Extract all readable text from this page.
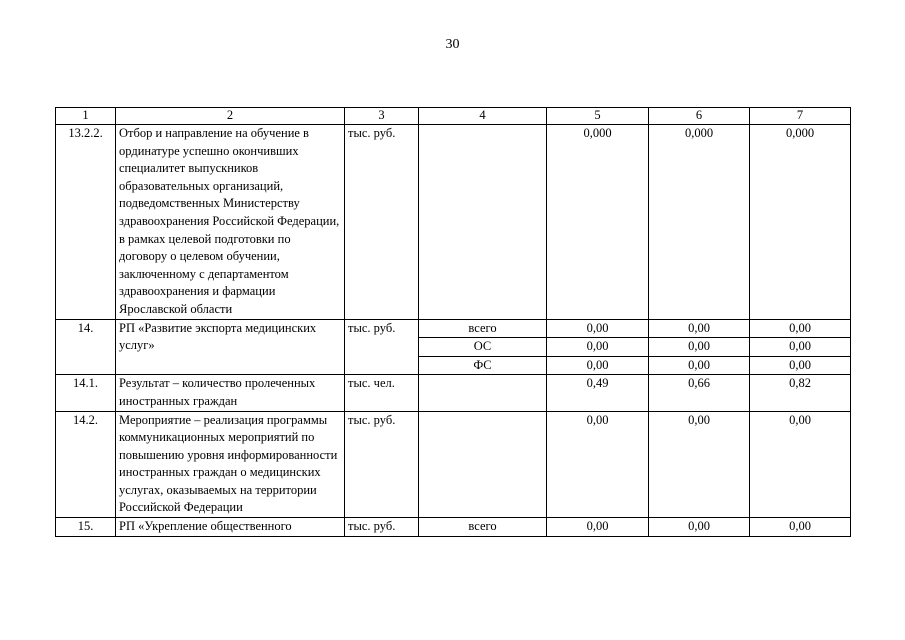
30
1	2	3	4	5	6	7
13.2.2.	Отбор и направление на обучение в ординатуре успешно окончивших специалитет выпускников образовательных организаций, подведомственных Министерству здравоохранения Российской Федерации, в рамках целевой подготовки по договору о целевом обучении, заключенному с департаментом здравоохранения и фармации Ярославской области	тыс. руб.		0,000	0,000	0,000
14.	РП «Развитие экспорта медицинских услуг»	тыс. руб.	всего	0,00	0,00	0,00
			ОС	0,00	0,00	0,00
			ФС	0,00	0,00	0,00
14.1.	Результат – количество пролеченных иностранных граждан	тыс. чел.		0,49	0,66	0,82
14.2.	Мероприятие – реализация программы коммуникационных мероприятий по повышению уровня информированности иностранных граждан о медицинских услугах, оказываемых на территории Российской Федерации	тыс. руб.		0,00	0,00	0,00
15.	РП «Укрепление общественного	тыс. руб.	всего	0,00	0,00	0,00
